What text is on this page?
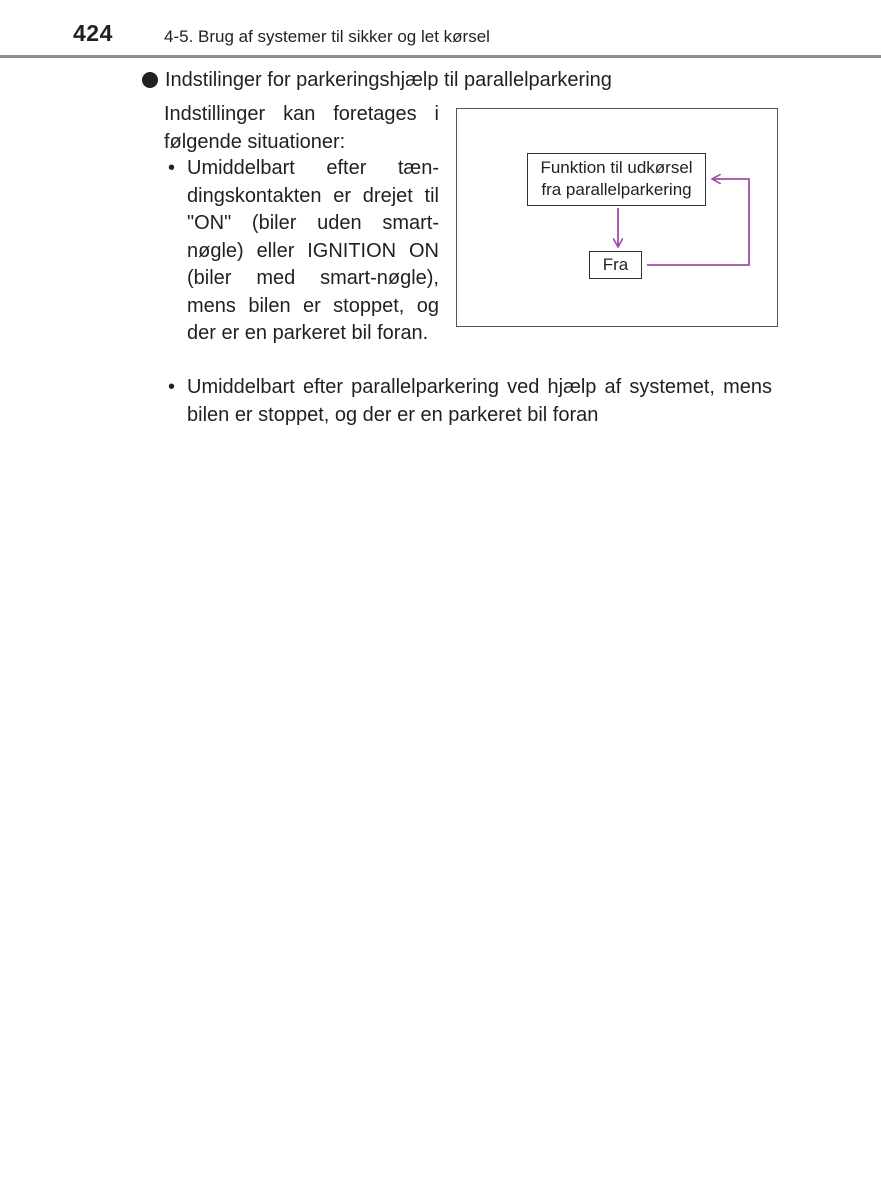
424	4-5. Brug af systemer til sikker og let kørsel
Indstilinger for parkeringshjælp til parallelparkering
Indstillinger kan foretages i følgende situationer:
• Umiddelbart efter tændingskontakten er drejet til "ON" (biler uden smart-nøgle) eller IGNITION ON (biler med smart-nøgle), mens bilen er stoppet, og der er en parkeret bil foran.
• Umiddelbart efter parallelparkering ved hjælp af systemet, mens bilen er stoppet, og der er en parkeret bil foran
Funktion til udkørsel
fra parallelparkering
Fra
